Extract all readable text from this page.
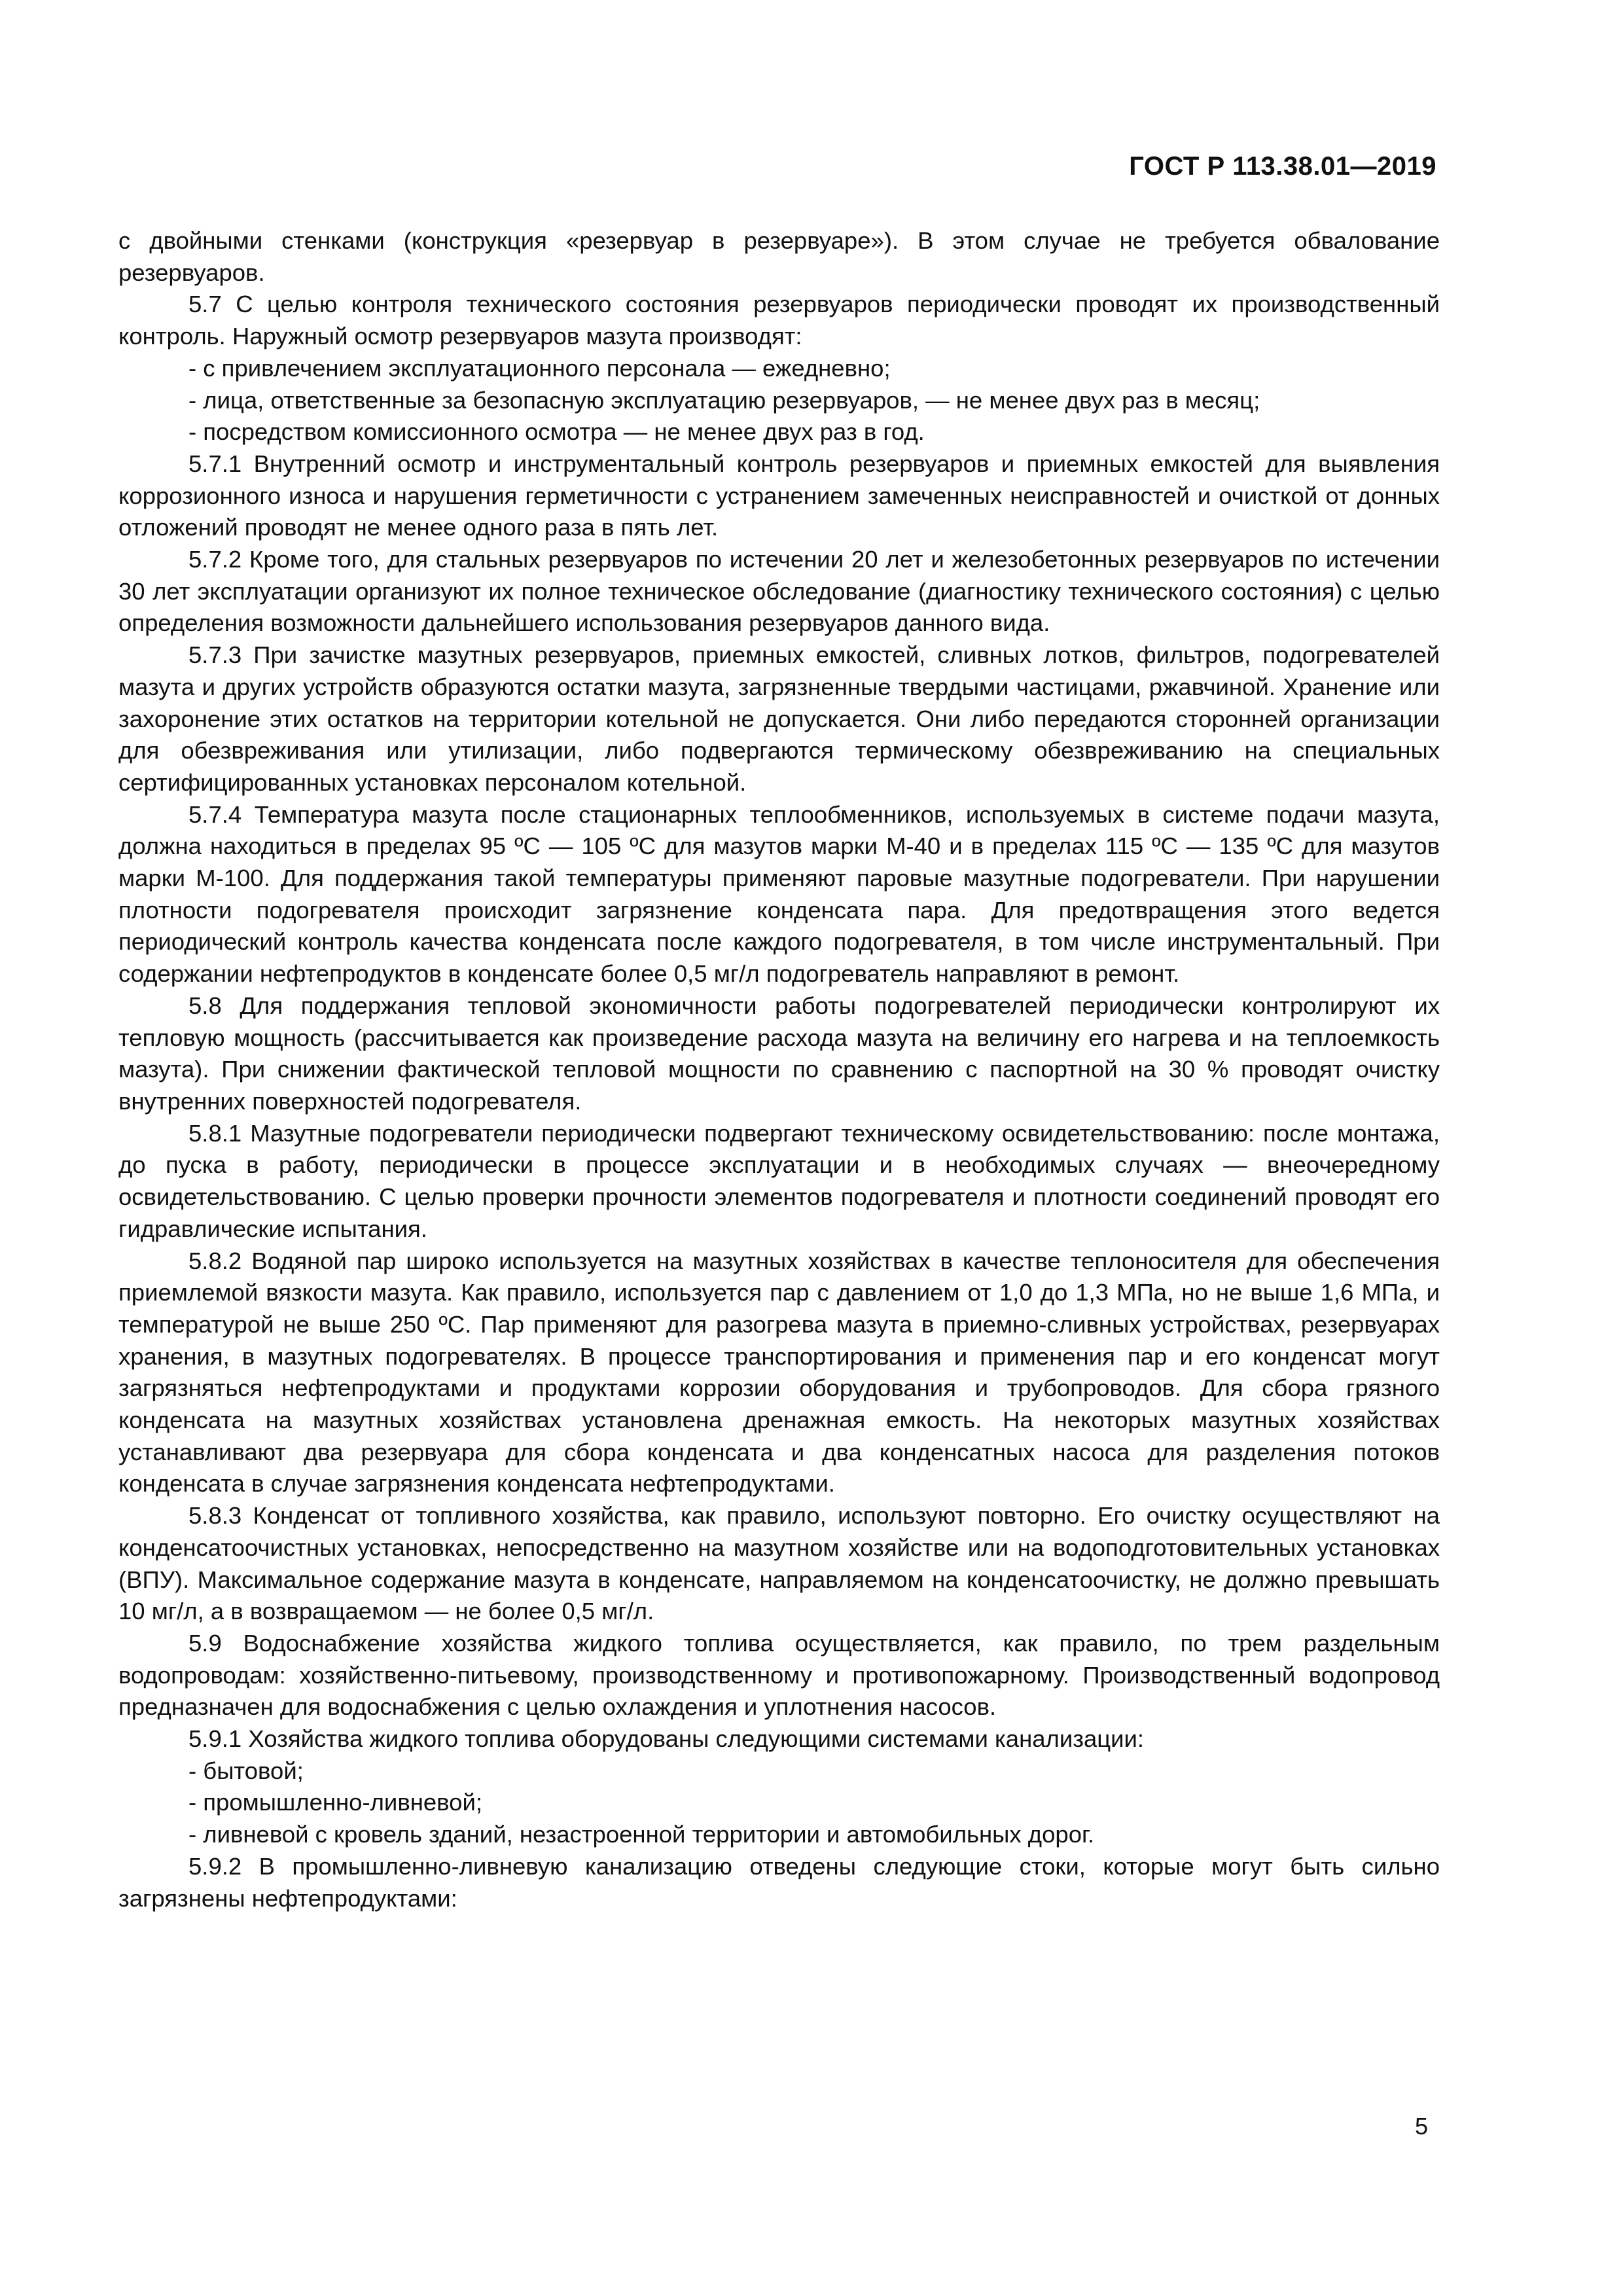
ГОСТ Р 113.38.01—2019

с двойными стенками (конструкция «резервуар в резервуаре»). В этом случае не требуется обвалование резервуаров.

5.7 С целью контроля технического состояния резервуаров периодически проводят их производственный контроль. Наружный осмотр резервуаров мазута производят:

- с привлечением эксплуатационного персонала — ежедневно;

- лица, ответственные за безопасную эксплуатацию резервуаров, — не менее двух раз в месяц;

- посредством комиссионного осмотра — не менее двух раз в год.

5.7.1 Внутренний осмотр и инструментальный контроль резервуаров и приемных емкостей для выявления коррозионного износа и нарушения герметичности с устранением замеченных неисправностей и очисткой от донных отложений проводят не менее одного раза в пять лет.

5.7.2 Кроме того, для стальных резервуаров по истечении 20 лет и железобетонных резервуаров по истечении 30 лет эксплуатации организуют их полное техническое обследование (диагностику технического состояния) с целью определения возможности дальнейшего использования резервуаров данного вида.

5.7.3 При зачистке мазутных резервуаров, приемных емкостей, сливных лотков, фильтров, подогревателей мазута и других устройств образуются остатки мазута, загрязненные твердыми частицами, ржавчиной. Хранение или захоронение этих остатков на территории котельной не допускается. Они либо передаются сторонней организации для обезвреживания или утилизации, либо подвергаются термическому обезвреживанию на специальных сертифицированных установках персоналом котельной.

5.7.4 Температура мазута после стационарных теплообменников, используемых в системе подачи мазута, должна находиться в пределах 95 ºС — 105 ºС для мазутов марки М-40 и в пределах 115 ºС — 135 ºС для мазутов марки М-100. Для поддержания такой температуры применяют паровые мазутные подогреватели. При нарушении плотности подогревателя происходит загрязнение конденсата пара. Для предотвращения этого ведется периодический контроль качества конденсата после каждого подогревателя, в том числе инструментальный. При содержании нефтепродуктов в конденсате более 0,5 мг/л подогреватель направляют в ремонт.

5.8 Для поддержания тепловой экономичности работы подогревателей периодически контролируют их тепловую мощность (рассчитывается как произведение расхода мазута на величину его нагрева и на теплоемкость мазута). При снижении фактической тепловой мощности по сравнению с паспортной на 30 % проводят очистку внутренних поверхностей подогревателя.

5.8.1 Мазутные подогреватели периодически подвергают техническому освидетельствованию: после монтажа, до пуска в работу, периодически в процессе эксплуатации и в необходимых случаях — внеочередному освидетельствованию. С целью проверки прочности элементов подогревателя и плотности соединений проводят его гидравлические испытания.

5.8.2 Водяной пар широко используется на мазутных хозяйствах в качестве теплоносителя для обеспечения приемлемой вязкости мазута. Как правило, используется пар с давлением от 1,0 до 1,3 МПа, но не выше 1,6 МПа, и температурой не выше 250 ºС. Пар применяют для разогрева мазута в приемно-сливных устройствах, резервуарах хранения, в мазутных подогревателях. В процессе транспортирования и применения пар и его конденсат могут загрязняться нефтепродуктами и продуктами коррозии оборудования и трубопроводов. Для сбора грязного конденсата на мазутных хозяйствах установлена дренажная емкость. На некоторых мазутных хозяйствах устанавливают два резервуара для сбора конденсата и два конденсатных насоса для разделения потоков конденсата в случае загрязнения конденсата нефтепродуктами.

5.8.3 Конденсат от топливного хозяйства, как правило, используют повторно. Его очистку осуществляют на конденсатоочистных установках, непосредственно на мазутном хозяйстве или на водоподготовительных установках (ВПУ). Максимальное содержание мазута в конденсате, направляемом на конденсатоочистку, не должно превышать 10 мг/л, а в возвращаемом — не более 0,5 мг/л.

5.9 Водоснабжение хозяйства жидкого топлива осуществляется, как правило, по трем раздельным водопроводам: хозяйственно-питьевому, производственному и противопожарному. Производственный водопровод предназначен для водоснабжения с целью охлаждения и уплотнения насосов.

5.9.1 Хозяйства жидкого топлива оборудованы следующими системами канализации:

- бытовой;

- промышленно-ливневой;

- ливневой с кровель зданий, незастроенной территории и автомобильных дорог.

5.9.2 В промышленно-ливневую канализацию отведены следующие стоки, которые могут быть сильно загрязнены нефтепродуктами:

5
